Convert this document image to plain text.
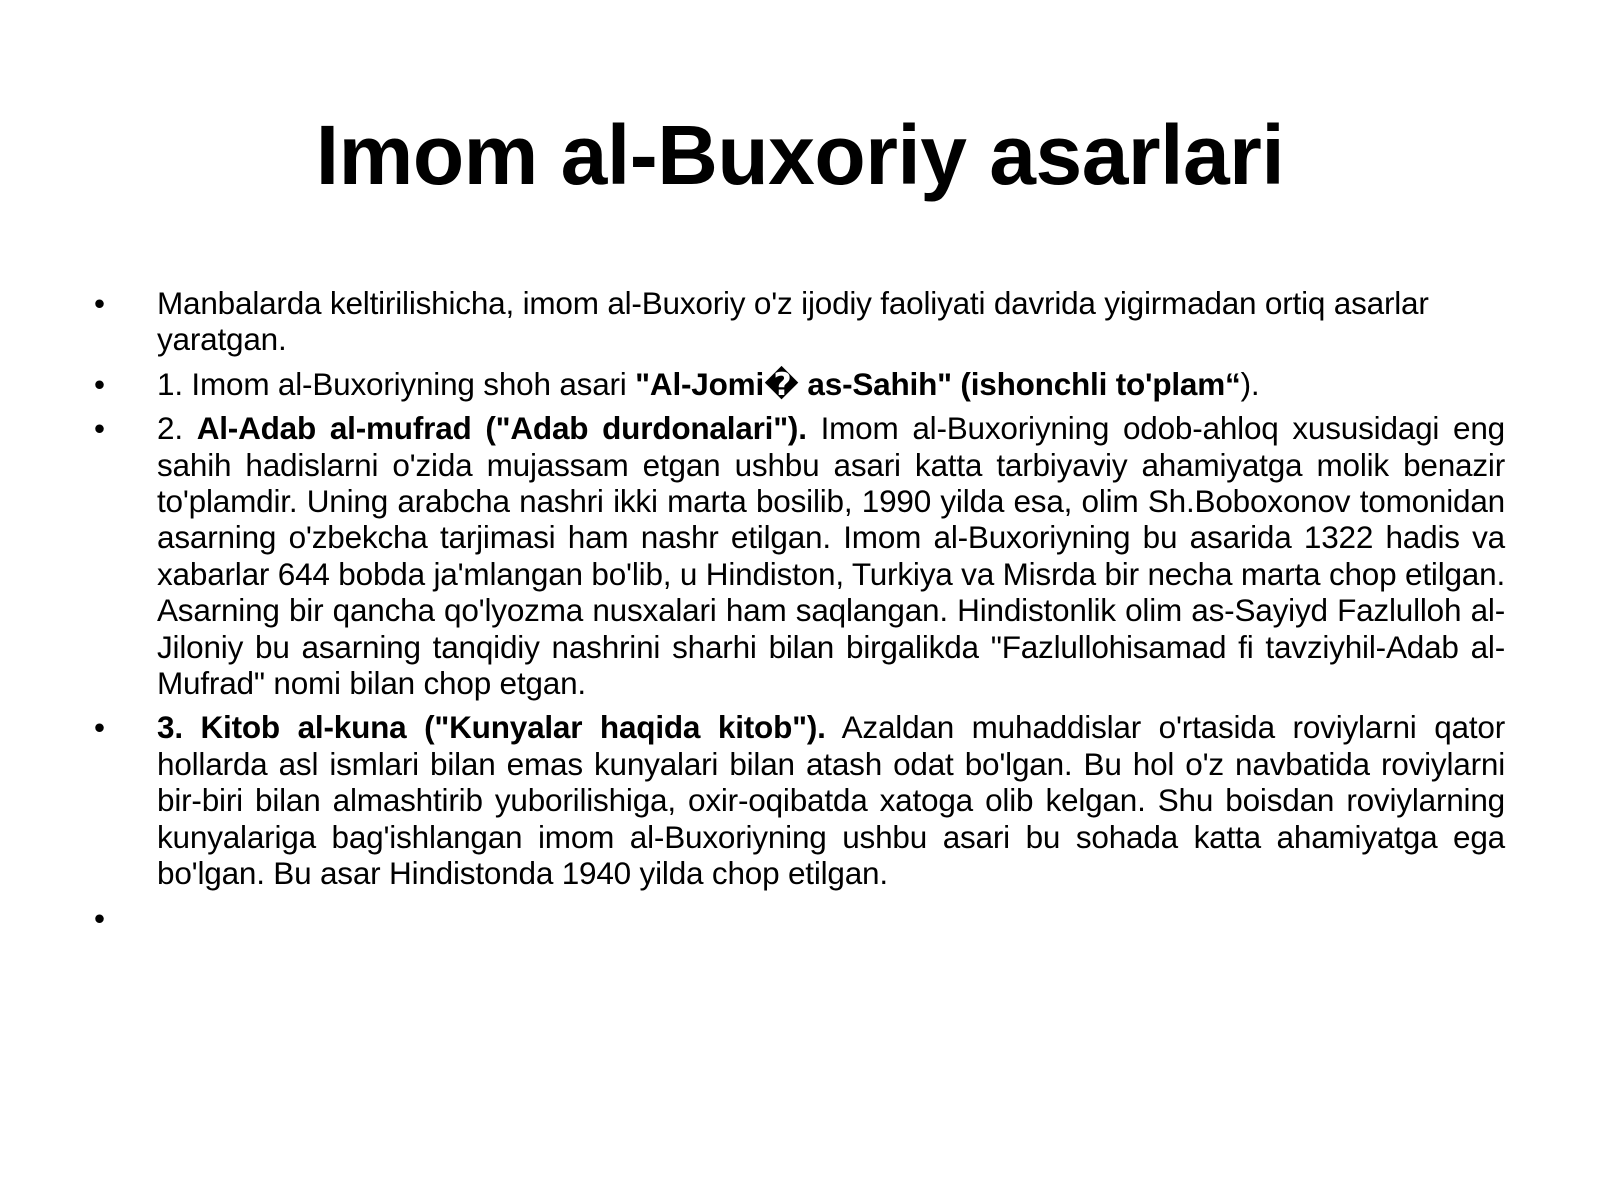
Imom al-Buxoriy asarlari
• Manbalarda keltirilishicha, imom al-Buxoriy o'z ijodiy faoliyati davrida yigirmadan ortiq asarlar yaratgan.
• 1. Imom al-Buxoriyning shoh asari "Al-Jomi� as-Sahih" (ishonchli to'plam“).
• 2. Al-Adab al-mufrad ("Adab durdonalari"). Imom al-Buxoriyning odob-ahloq xususidagi eng sahih hadislarni o'zida mujassam etgan ushbu asari katta tarbiyaviy ahamiyatga molik benazir to'plamdir. Uning arabcha nashri ikki marta bosilib, 1990 yilda esa, olim Sh.Boboxonov tomonidan asarning o'zbekcha tarjimasi ham nashr etilgan. Imom al-Buxoriyning bu asarida 1322 hadis va xabarlar 644 bobda ja'mlangan bo'lib, u Hindiston, Turkiya va Misrda bir necha marta chop etilgan. Asarning bir qancha qo'lyozma nusxalari ham saqlangan. Hindistonlik olim as-Sayiyd Fazlulloh al-Jiloniy bu asarning tanqidiy nashrini sharhi bilan birgalikda "Fazlullohisamad fi tavziyhil-Adab al-Mufrad" nomi bilan chop etgan.
• 3. Kitob al-kuna ("Kunyalar haqida kitob"). Azaldan muhaddislar o'rtasida roviylarni qator hollarda asl ismlari bilan emas kunyalari bilan atash odat bo'lgan. Bu hol o'z navbatida roviylarni bir-biri bilan almashtirib yuborilishiga, oxir-oqibatda xatoga olib kelgan. Shu boisdan roviylarning kunyalariga bag'ishlangan imom al-Buxoriyning ushbu asari bu sohada katta ahamiyatga ega bo'lgan. Bu asar Hindistonda 1940 yilda chop etilgan.
•
